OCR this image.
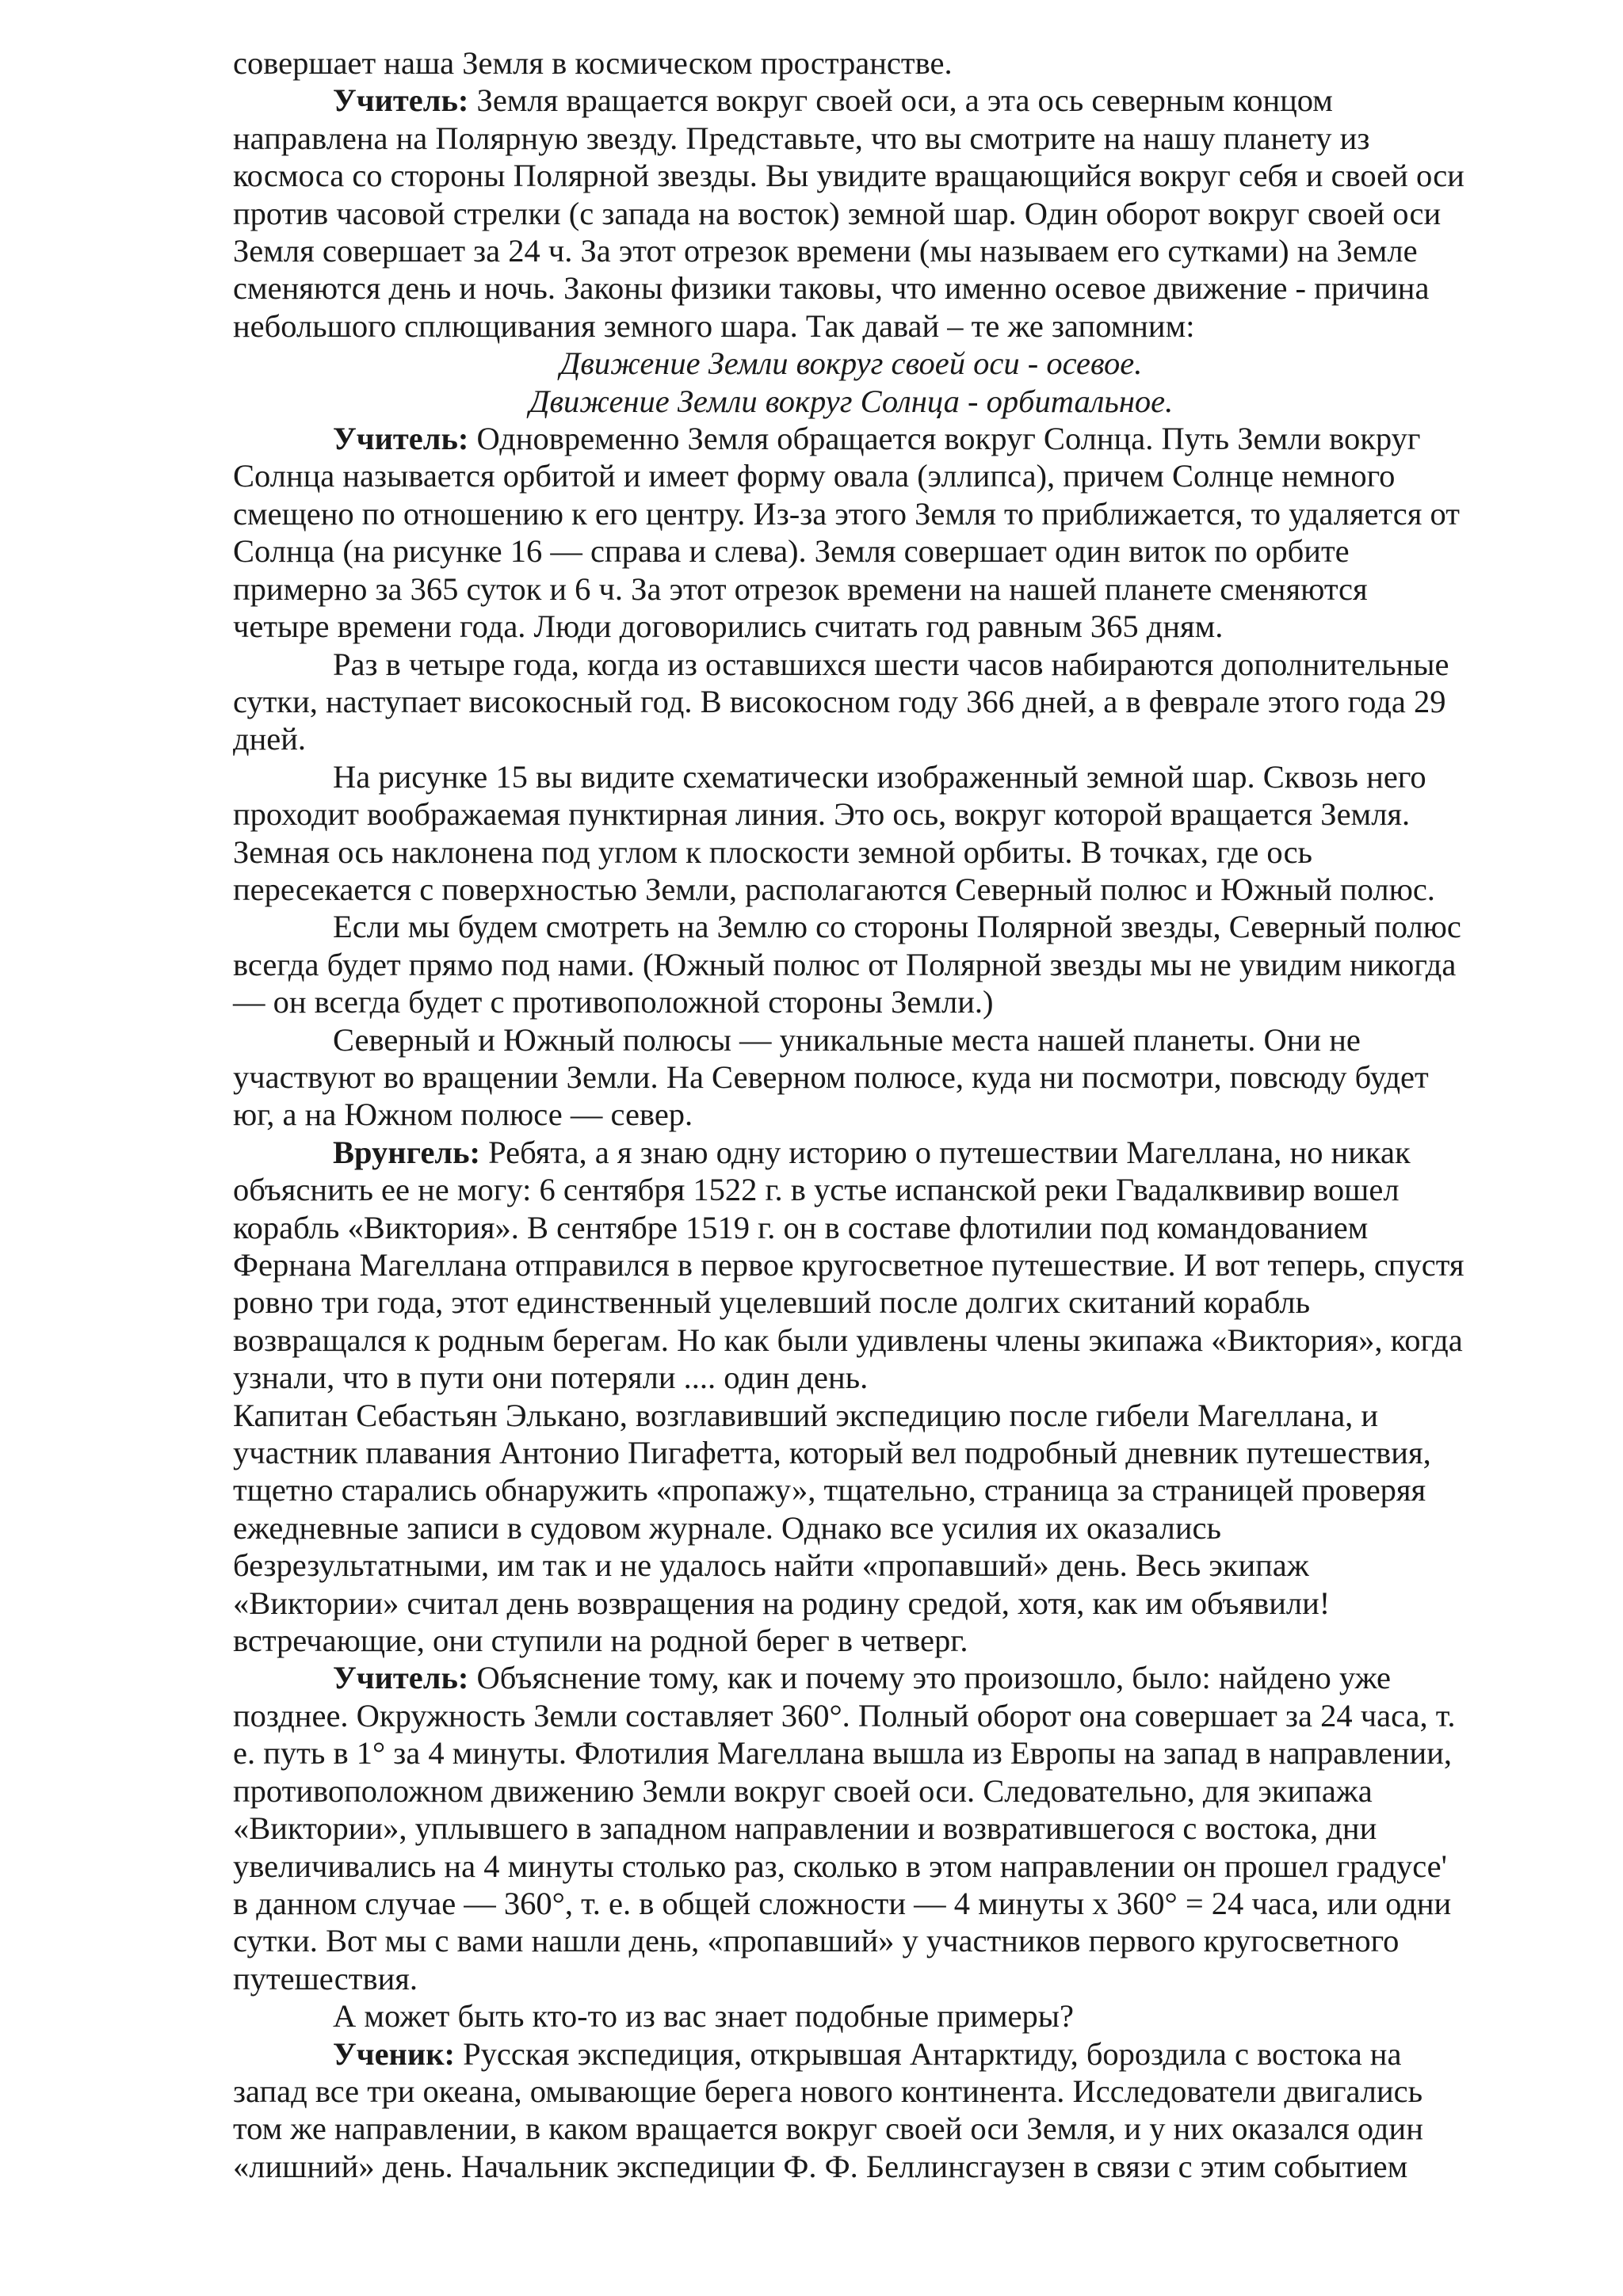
совершает наша Земля в космическом пространстве.

Учитель: Земля вращается вокруг своей оси, а эта ось северным концом направлена на Полярную звезду. Представьте, что вы смотрите на нашу планету из космоса со стороны Полярной звезды. Вы увидите вращающийся вокруг себя и своей оси против часовой стрелки (с запада на восток) земной шар. Один оборот вокруг своей оси Земля совершает за 24 ч. За этот отрезок времени (мы называем его сутками) на Земле сменяются день и ночь. Законы физики таковы, что именно осевое движение - причина небольшого сплющивания земного шара. Так давай – те же запомним:

Движение Земли вокруг своей оси - осевое.

Движение Земли вокруг Солнца - орбитальное.

Учитель: Одновременно Земля обращается вокруг Солнца. Путь Земли вокруг Солнца называется орбитой и имеет форму овала (эллипса), причем Солнце немного смещено по отношению к его центру. Из-за этого Земля то приближается, то удаляется от Солнца (на рисунке 16 — справа и слева). Земля совершает один виток по орбите примерно за 365 суток и 6 ч. За этот отрезок времени на нашей планете сменяются четыре времени года. Люди договорились считать год равным 365 дням.

Раз в четыре года, когда из оставшихся шести часов набираются дополнительные сутки, наступает високосный год. В високосном году 366 дней, а в феврале этого года 29 дней.

На рисунке 15 вы видите схематически изображенный земной шар. Сквозь него проходит воображаемая пунктирная линия. Это ось, вокруг которой вращается Земля. Земная ось наклонена под углом к плоскости земной орбиты. В точках, где ось пересекается с поверхностью Земли, располагаются Северный полюс и Южный полюс.

Если мы будем смотреть на Землю со стороны Полярной звезды, Северный полюс всегда будет прямо под нами. (Южный полюс от Полярной звезды мы не увидим никогда — он всегда будет с противоположной стороны Земли.)

Северный и Южный полюсы — уникальные места нашей планеты. Они не участвуют во вращении Земли. На Северном полюсе, куда ни посмотри, повсюду будет юг, а на Южном полюсе — север.

Врунгель: Ребята, а я знаю одну историю о путешествии Магеллана, но никак объяснить ее не могу: 6 сентября 1522 г. в устье испанской реки Гвадалквивир вошел корабль «Виктория». В сентябре 1519 г. он в составе флотилии под командованием Фернана Магеллана отправился в первое кругосветное путешествие. И вот теперь, спустя ровно три года, этот единственный уцелевший после долгих скитаний корабль возвращался к родным берегам. Но как были удивлены члены экипажа «Виктория», когда узнали, что в пути они потеряли .... один день.

Капитан Себастьян Элькано, возглавивший экспедицию после гибели Магеллана, и участник плавания Антонио Пигафетта, который вел подробный дневник путешествия, тщетно старались обнаружить «пропажу», тщательно, страница за страницей проверяя ежедневные записи в судовом журнале. Однако все усилия их оказались безрезультатными, им так и не удалось найти «пропавший» день. Весь экипаж «Виктории» считал день возвращения на родину средой, хотя, как им объявили! встречающие, они ступили на родной берег в четверг.

Учитель: Объяснение тому, как и почему это произошло, было: найдено уже позднее. Окружность Земли составляет 360°. Полный оборот она совершает за 24 часа, т. е. путь в 1° за 4 минуты. Флотилия Магеллана вышла из Европы на запад в направлении, противоположном движению Земли вокруг своей оси. Следовательно, для экипажа «Виктории», уплывшего в западном направлении и возвратившегося с востока, дни увеличивались на 4 минуты столько раз, сколько в этом направлении он прошел градусе' в данном случае — 360°, т. е. в общей сложности — 4 минуты х 360° = 24 часа, или одни сутки. Вот мы с вами нашли день, «пропавший» у участников первого кругосветного путешествия.

А может быть кто-то из вас знает подобные примеры?

Ученик: Русская экспедиция, открывшая Антарктиду, бороздила с востока на запад все три океана, омывающие берега нового континента. Исследователи двигались том же направлении, в каком вращается вокруг своей оси Земля, и у них оказался один «лишний» день. Начальник экспедиции Ф. Ф. Беллинсгаузен в связи с этим событием
